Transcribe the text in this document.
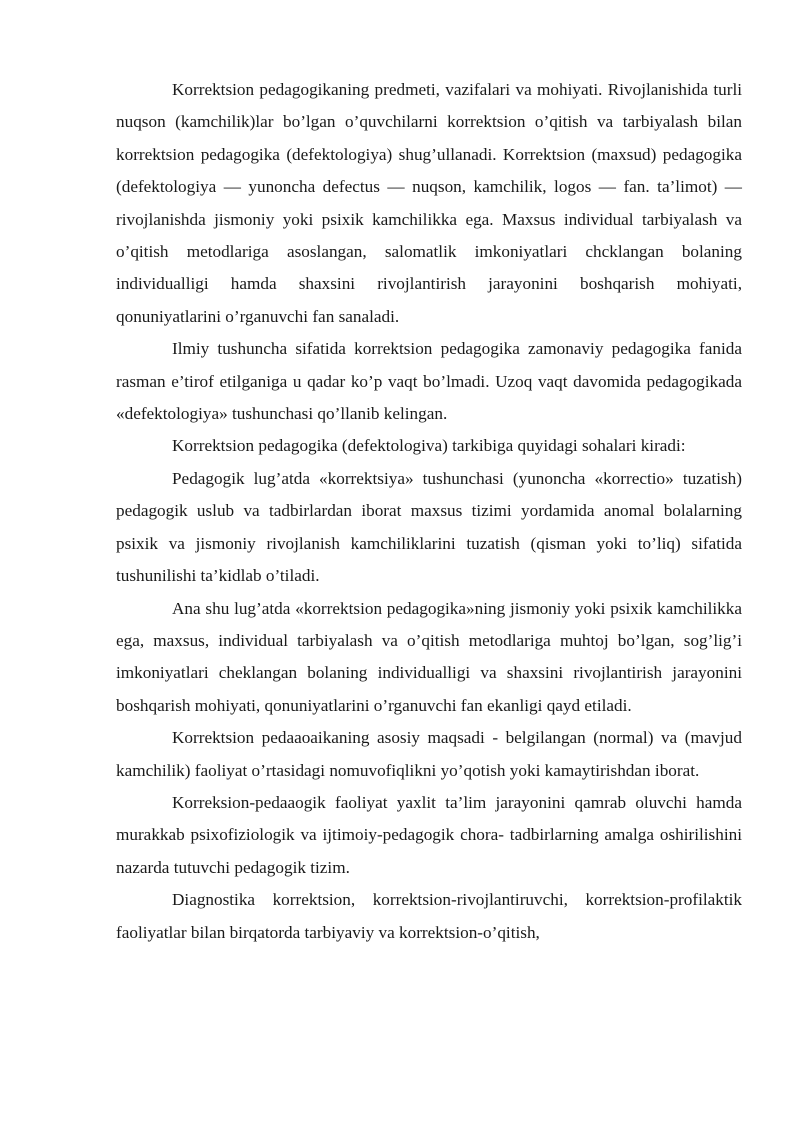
Korrektsion pedagogikaning predmeti, vazifalari va mohiyati. Rivojlanishida turli nuqson (kamchilik)lar bo’lgan o’quvchilarni korrektsion o’qitish va tarbiyalash bilan korrektsion pedagogika (defektologiya) shug’ullanadi. Korrektsion (maxsud) pedagogika (defektologiya — yunoncha defectus — nuqson, kamchilik, logos — fan. ta’limot) — rivojlanishda jismoniy yoki psixik kamchilikka ega. Maxsus individual tarbiyalash va o’qitish metodlariga asoslangan, salomatlik imkoniyatlari chcklangan bolaning individualligi hamda shaxsini rivojlantirish jarayonini boshqarish mohiyati, qonuniyatlarini o’rganuvchi fan sanaladi.

Ilmiy tushuncha sifatida korrektsion pedagogika zamonaviy pedagogika fanida rasman e’tirof etilganiga u qadar ko’p vaqt bo’lmadi. Uzoq vaqt davomida pedagogikada «defektologiya» tushunchasi qo’llanib kelingan.

Korrektsion pedagogika (defektologiva) tarkibiga quyidagi sohalari kiradi:

Pedagogik lug’atda «korrektsiya» tushunchasi (yunoncha «korrectio» tuzatish) pedagogik uslub va tadbirlardan iborat maxsus tizimi yordamida anomal bolalarning psixik va jismoniy rivojlanish kamchiliklarini tuzatish (qisman yoki to’liq) sifatida tushunilishi ta’kidlab o’tiladi.

Ana shu lug’atda «korrektsion pedagogika»ning jismoniy yoki psixik kamchilikka ega, maxsus, individual tarbiyalash va o’qitish metodlariga muhtoj bo’lgan, sog’lig’i imkoniyatlari cheklangan bolaning individualligi va shaxsini rivojlantirish jarayonini boshqarish mohiyati, qonuniyatlarini o’rganuvchi fan ekanligi qayd etiladi.

Korrektsion pedaaoaikaning asosiy maqsadi - belgilangan (normal) va (mavjud kamchilik) faoliyat o’rtasidagi nomuvofiqlikni yo’qotish yoki kamaytirishdan iborat.

Korreksion-pedaaogik faoliyat yaxlit ta’lim jarayonini qamrab oluvchi hamda murakkab psixofiziologik va ijtimoiy-pedagogik chora- tadbirlarning amalga oshirilishini nazarda tutuvchi pedagogik tizim.

Diagnostika korrektsion, korrektsion-rivojlantiruvchi, korrektsion-profilaktik faoliyatlar bilan birqatorda tarbiyaviy va korrektsion-o’qitish,
